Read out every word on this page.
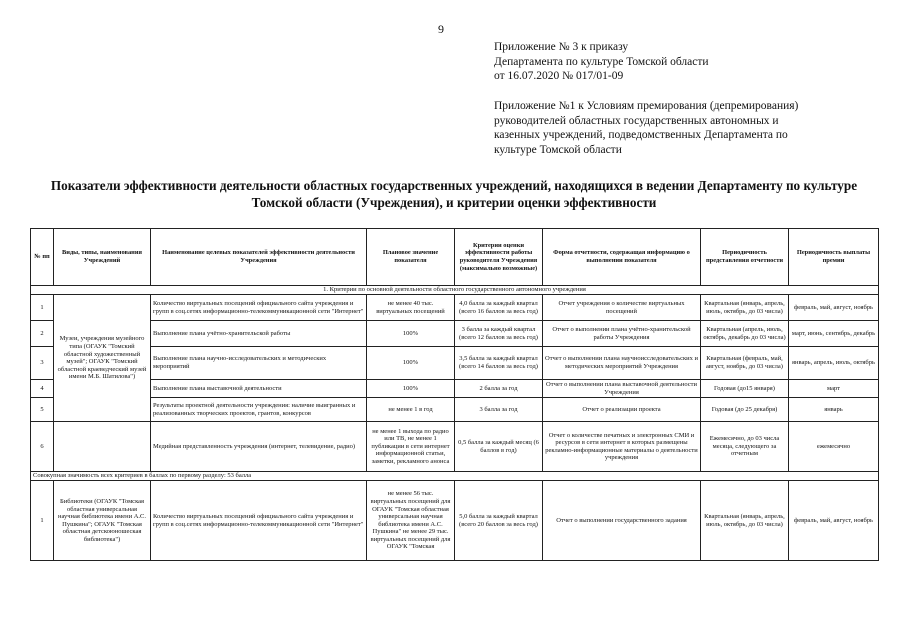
9
Приложение № 3 к приказу
Департамента по культуре Томской области
от 16.07.2020 № 017/01-09
Приложение №1 к Условиям премирования (депремирования)
руководителей областных государственных автономных и
казенных учреждений, подведомственных Департамента по
культуре Томской области
Показатели эффективности деятельности областных государственных учреждений, находящихся в ведении Департаменту по культуре Томской области (Учреждения), и критерии оценки эффективности
№ пп	Виды, типы, наименования Учреждений	Наименование целевых показателей эффективности деятельности Учреждения	Плановое значение показателя	Критерии оценки эффективности работы руководителя Учреждения (максимально возможные)	Форма отчетности, содержащая информацию о выполнении показателя	Периодичность представления отчетности	Периодичность выплаты премии
1. Критерии по основной деятельности областного государственного автономного учреждения							
1	Музеи, учреждения музейного типа (ОГАУК "Томский областной художественный музей"; ОГАУК "Томский областной краеведческий музей имени М.Б. Шатилова")	Количество виртуальных посещений официального сайта учреждения и групп в соц.сетях информационно-телекоммуникационной сети "Интернет"	не менее 40 тыс. виртуальных посещений	4,0 балла за каждый квартал (всего 16 баллов за весь год)	Отчет учреждения о количестве виртуальных посещений	Квартальная (январь, апрель, июль, октябрь, до 03 числа)	февраль, май, август, ноябрь
2		Выполнение плана учётно-хранительской работы	100%	3 балла за каждый квартал (всего 12 баллов за весь год)	Отчет о выполнении плана учётно-хранительской работы Учреждения	Квартальная (апрель, июль, октябрь, декабрь до 03 числа)	март, июнь, сентябрь, декабрь
3		Выполнение плана научно-исследовательских и методических мероприятий	100%	3,5 балла за каждый квартал (всего 14 баллов за весь год)	Отчет о выполнении плана научноисследовательских и методических мероприятий Учреждения	Квартальная (февраль, май, август, ноябрь, до 03 числа)	январь, апрель, июль, октябрь
4		Выполнение плана выставочной деятельности	100%	2 балла за год	Отчет о выполнении плана выставочной деятельности Учреждения	Годовая (до15 января)	март
5		Результаты проектной деятельности учреждения: наличие выигранных и реализованных творческих проектов, грантов, конкурсов	не менее 1 в год	3 балла за год	Отчет о реализации проекта	Годовая (до 25 декабря)	январь
6		Медийная представленность учреждения (интернет, телевидение, радио)	не менее 1 выхода по радио или ТВ, не менее 1 публикации в сети интернет информационной статьи, заметки, рекламного анонса	0,5 балла за каждый месяц (6 баллов в год)	Отчет о количестве печатных и электронных СМИ и ресурсов в сети интернет в которых размещены рекламно-информационные материалы о деятельности учреждения	Ежемесячно, до 03 числа месяца, следующего за отчетным	ежемесячно
Совокупная значимость всех критериев в баллах по первому разделу: 53 балла							
1	Библиотеки (ОГАУК "Томская областная универсальная научная библиотека имени А.С. Пушкина"; ОГАУК "Томская областная детскоюношеская библиотека")	Количество виртуальных посещений официального сайта учреждения и групп в соц.сетях информационно-телекоммуникационной сети "Интернет"	не менее 56 тыс. виртуальных посещений для ОГАУК "Томская областная универсальная научная библиотека имени А.С. Пушкина" не менее 29 тыс. виртуальных посещений для ОГАУК "Томская	5,0 балла за каждый квартал (всего 20 баллов за весь год)	Отчет о выполнении государственного задания	Квартальная (январь, апрель, июль, октябрь, до 03 числа)	февраль, май, август, ноябрь
